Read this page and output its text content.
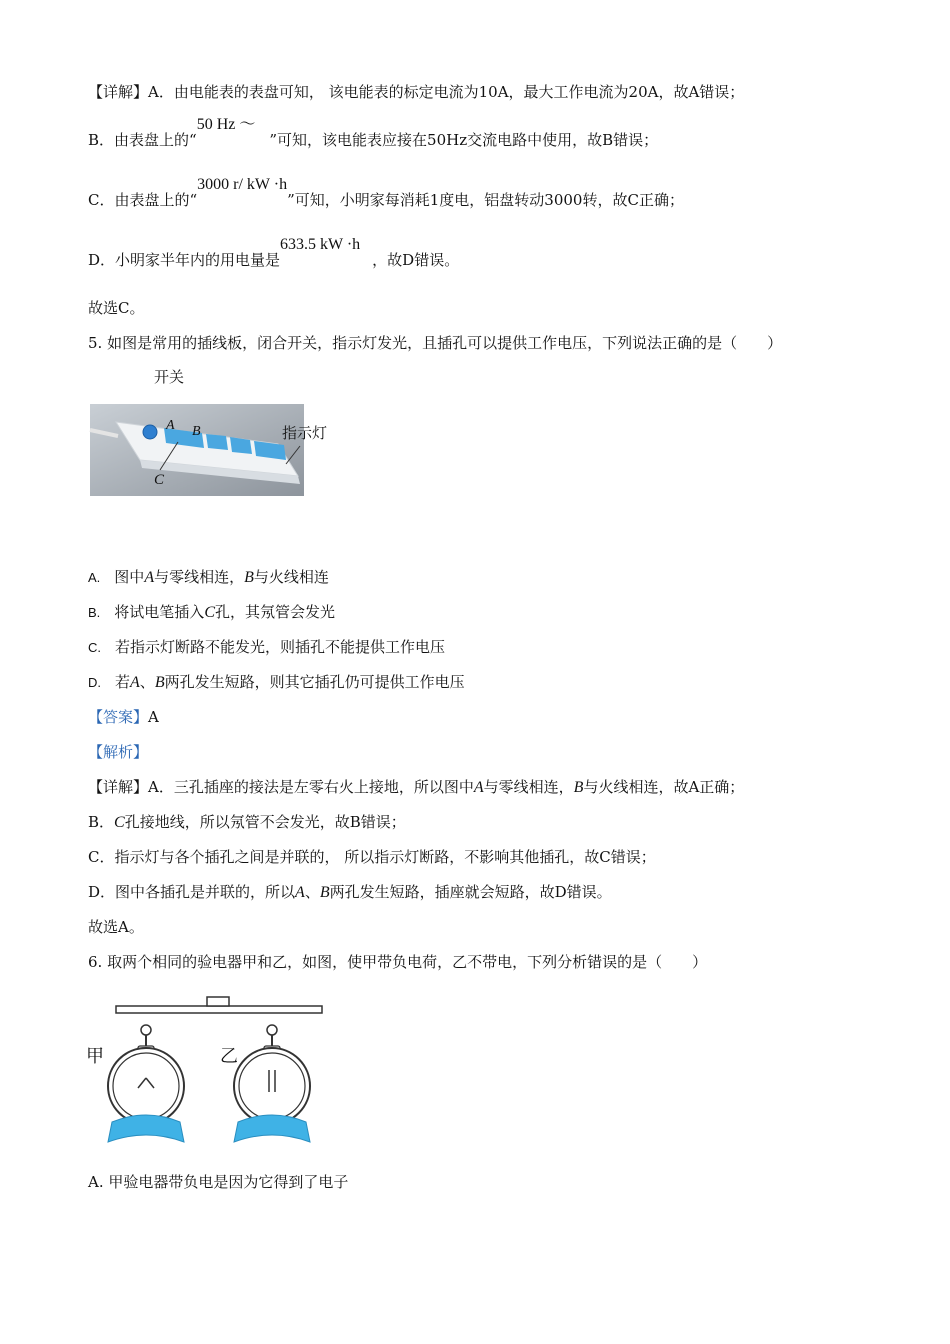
【详解】A．由电能表的表盘可知， 该电能表的标定电流为10A，最大工作电流为20A，故A错误；
B．由表盘上的“50 Hz ～”可知，该电能表应接在50Hz交流电路中使用，故B错误；
C．由表盘上的“3000 r/ kW ·h”可知，小明家每消耗1度电，铝盘转动3000转，故C正确；
D．小明家半年内的用电量是633.5 kW ·h，故D错误。
故选C。
5. 如图是常用的插线板，闭合开关，指示灯发光，且插孔可以提供工作电压，下列说法正确的是（　　）
开关
指示灯
A B
C
A. 图中A与零线相连，B与火线相连
B. 将试电笔插入C孔，其氖管会发光
C. 若指示灯断路不能发光，则插孔不能提供工作电压
D. 若A、B两孔发生短路，则其它插孔仍可提供工作电压
【答案】A
【解析】
【详解】A．三孔插座的接法是左零右火上接地，所以图中A与零线相连，B与火线相连，故A正确；
B．C孔接地线，所以氖管不会发光，故B错误；
C．指示灯与各个插孔之间是并联的， 所以指示灯断路，不影响其他插孔，故C错误；
D．图中各插孔是并联的，所以A、B两孔发生短路，插座就会短路，故D错误。
故选A。
6. 取两个相同的验电器甲和乙，如图，使甲带负电荷，乙不带电，下列分析错误的是（　　）
甲	乙
A. 甲验电器带负电是因为它得到了电子
